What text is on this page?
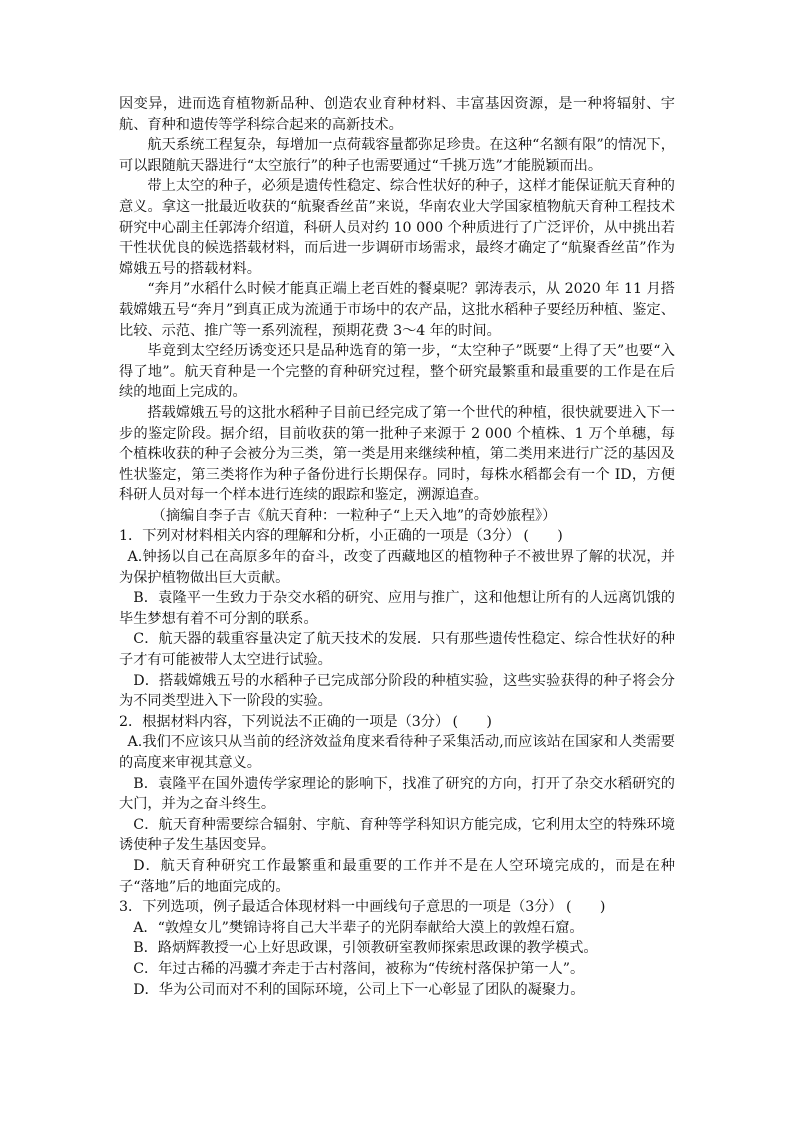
因变异，进而选育植物新品种、创造农业育种材料、丰富基因资源，是一种将辐射、宇航、育种和遗传等学科综合起来的高新技术。

航天系统工程复杂，每增加一点荷载容量都弥足珍贵。在这种“名额有限”的情况下，可以跟随航天器进行“太空旅行”的种子也需要通过“千挑万选”才能脱颖而出。

带上太空的种子，必须是遗传性稳定、综合性状好的种子，这样才能保证航天育种的意义。拿这一批最近收获的“航聚香丝苗”来说，华南农业大学国家植物航天育种工程技术研究中心副主任郭涛介绍道，科研人员对约 10 000 个种质进行了广泛评价，从中挑出若干性状优良的候选搭载材料，而后进一步调研市场需求，最终才确定了“航聚香丝苗”作为嫦娥五号的搭载材料。

“奔月”水稻什么时候才能真正端上老百姓的餐桌呢？郭涛表示，从 2020 年 11 月搭载嫦娥五号“奔月”到真正成为流通于市场中的农产品，这批水稻种子要经历种植、鉴定、比较、示范、推广等一系列流程，预期花费 3～4 年的时间。

毕竟到太空经历诱变还只是品种选育的第一步，“太空种子”既要“上得了天”也要“入得了地”。航天育种是一个完整的育种研究过程，整个研究最繁重和最重要的工作是在后续的地面上完成的。

搭载嫦娥五号的这批水稻种子目前已经完成了第一个世代的种植，很快就要进入下一步的鉴定阶段。据介绍，目前收获的第一批种子来源于 2 000 个植株、1 万个单穗，每个植株收获的种子会被分为三类，第一类是用来继续种植，第二类用来进行广泛的基因及性状鉴定，第三类将作为种子备份进行长期保存。同时，每株水稻都会有一个 ID，方便科研人员对每一个样本进行连续的跟踪和鉴定，溯源追查。

（摘编自李子吉《航天育种：一粒种子“上天入地”的奇妙旅程》）

1．下列对材料相关内容的理解和分析，小正确的一项是（3分） (　　)

A.钟扬以自己在高原多年的奋斗，改变了西藏地区的植物种子不被世界了解的状况，并为保护植物做出巨大贡献。

B．袁隆平一生致力于杂交水稻的研究、应用与推广，这和他想让所有的人远离饥饿的毕生梦想有着不可分割的联系。

C．航天器的载重容量决定了航天技术的发展．只有那些遗传性稳定、综合性状好的种子才有可能被带人太空进行试验。

D．搭载嫦娥五号的水稻种子已完成部分阶段的种植实验，这些实验获得的种子将会分为不同类型进入下一阶段的实验。

2．根据材料内容，下列说法不正确的一项是（3分） (　　)

A.我们不应该只从当前的经济效益角度来看待种子采集活动,而应该站在国家和人类需要的高度来审视其意义。

B．袁隆平在国外遗传学家理论的影响下，找准了研究的方向，打开了杂交水稻研究的大门，并为之奋斗终生。

C．航天育种需要综合辐射、宇航、育种等学科知识方能完成，它利用太空的特殊环境诱使种子发生基因变异。

D．航天育种研究工作最繁重和最重要的工作并不是在人空环境完成的，而是在种子“落地”后的地面完成的。

3．下列选项，例子最适合体现材料一中画线句子意思的一项是（3分） (　　)

A．“敦煌女儿”樊锦诗将自己大半辈子的光阴奉献给大漠上的敦煌石窟。

B．路炳辉教授一心上好思政课，引领教研室教师探索思政课的教学模式。

C．年过古稀的冯骥才奔走于古村落间，被称为“传统村落保护第一人”。

D．华为公司而对不利的国际环境，公司上下一心彰显了团队的凝聚力。
